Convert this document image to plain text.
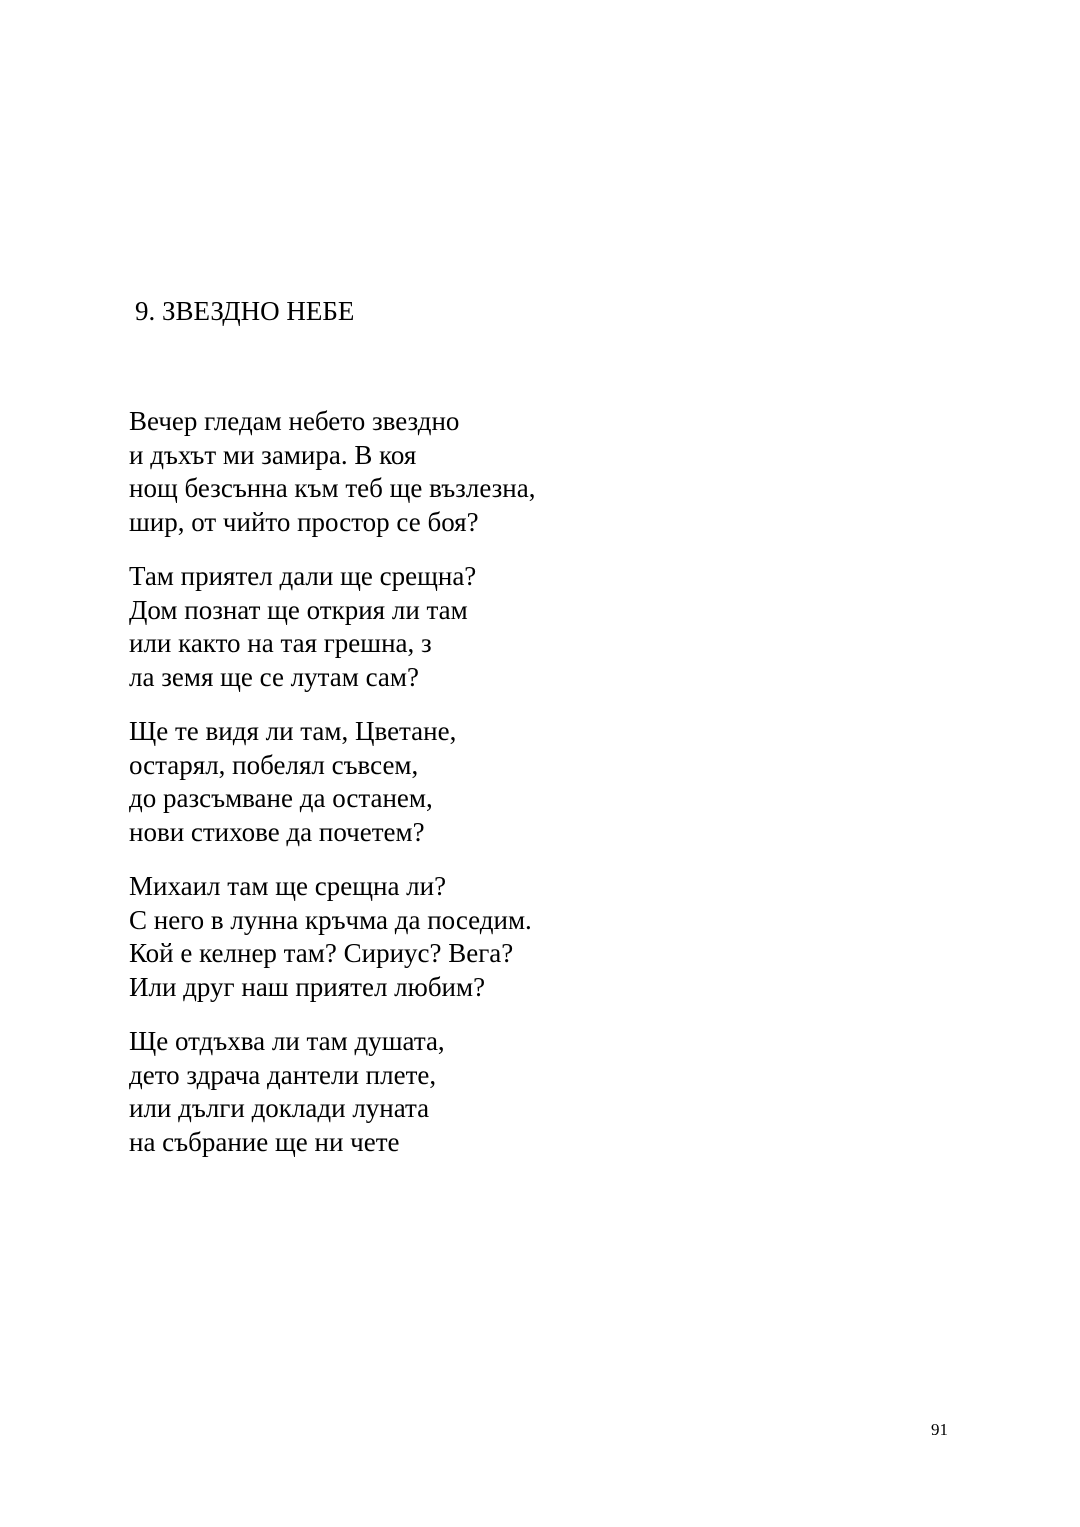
9. ЗВЕЗДНО НЕБЕ
Вечер гледам небето звездно
и дъхът ми замира. В коя
нощ безсънна към теб ще възлезна,
шир, от чийто простор се боя?
Там приятел дали ще срещна?
Дом познат ще открия ли там
или както на тая грешна, з
ла земя ще се лутам сам?
Ще те видя ли там, Цветане,
остарял, побелял съвсем,
до разсъмване да останем,
нови стихове да почетем?
Михаил там ще срещна ли?
С него в лунна кръчма да поседим.
Кой е келнер там? Сириус? Вега?
Или друг наш приятел любим?
Ще отдъхва ли там душата,
дето здрача дантели плете,
или дълги доклади луната
на събрание ще ни чете
91
